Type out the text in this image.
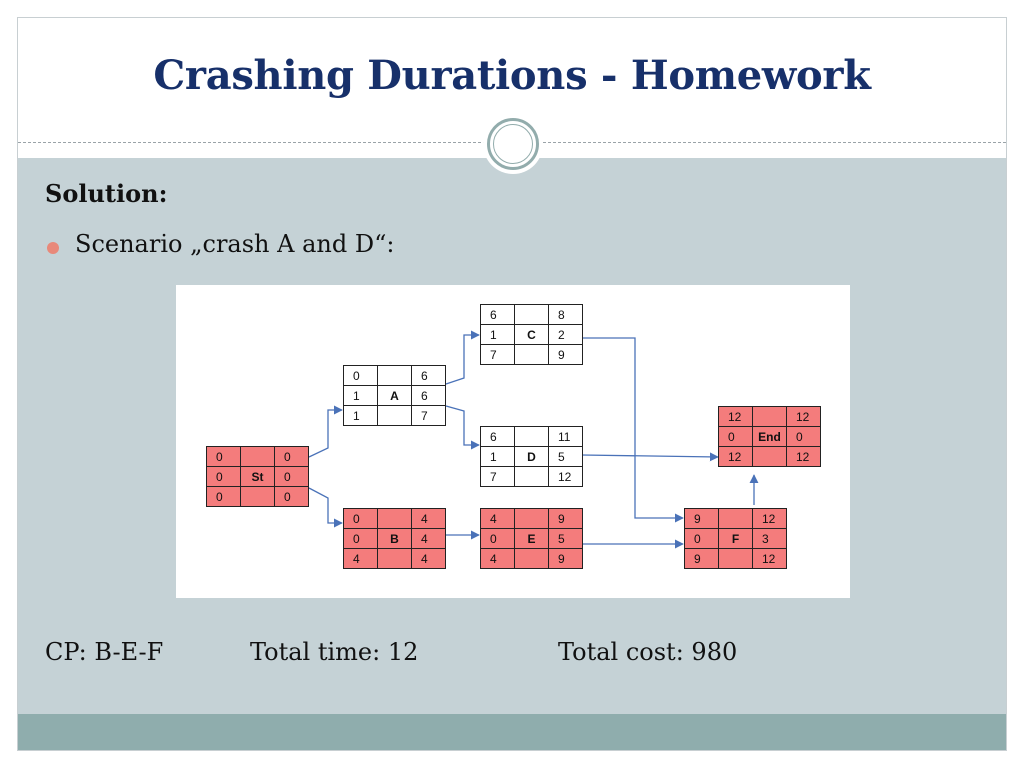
Crashing Durations - Homework
Solution:
Scenario „crash A and D“:
0	0
0	St	0
0	0
0	6
1	A	6
1	7
0	4
0	B	4
4	4
6	8
1	C	2
7	9
6	11
1	D	5
7	12
4	9
0	E	5
4	9
9	12
0	F	3
9	12
12	12
0	End	0
12	12
CP: B-E-F	Total time: 12	Total cost: 980
